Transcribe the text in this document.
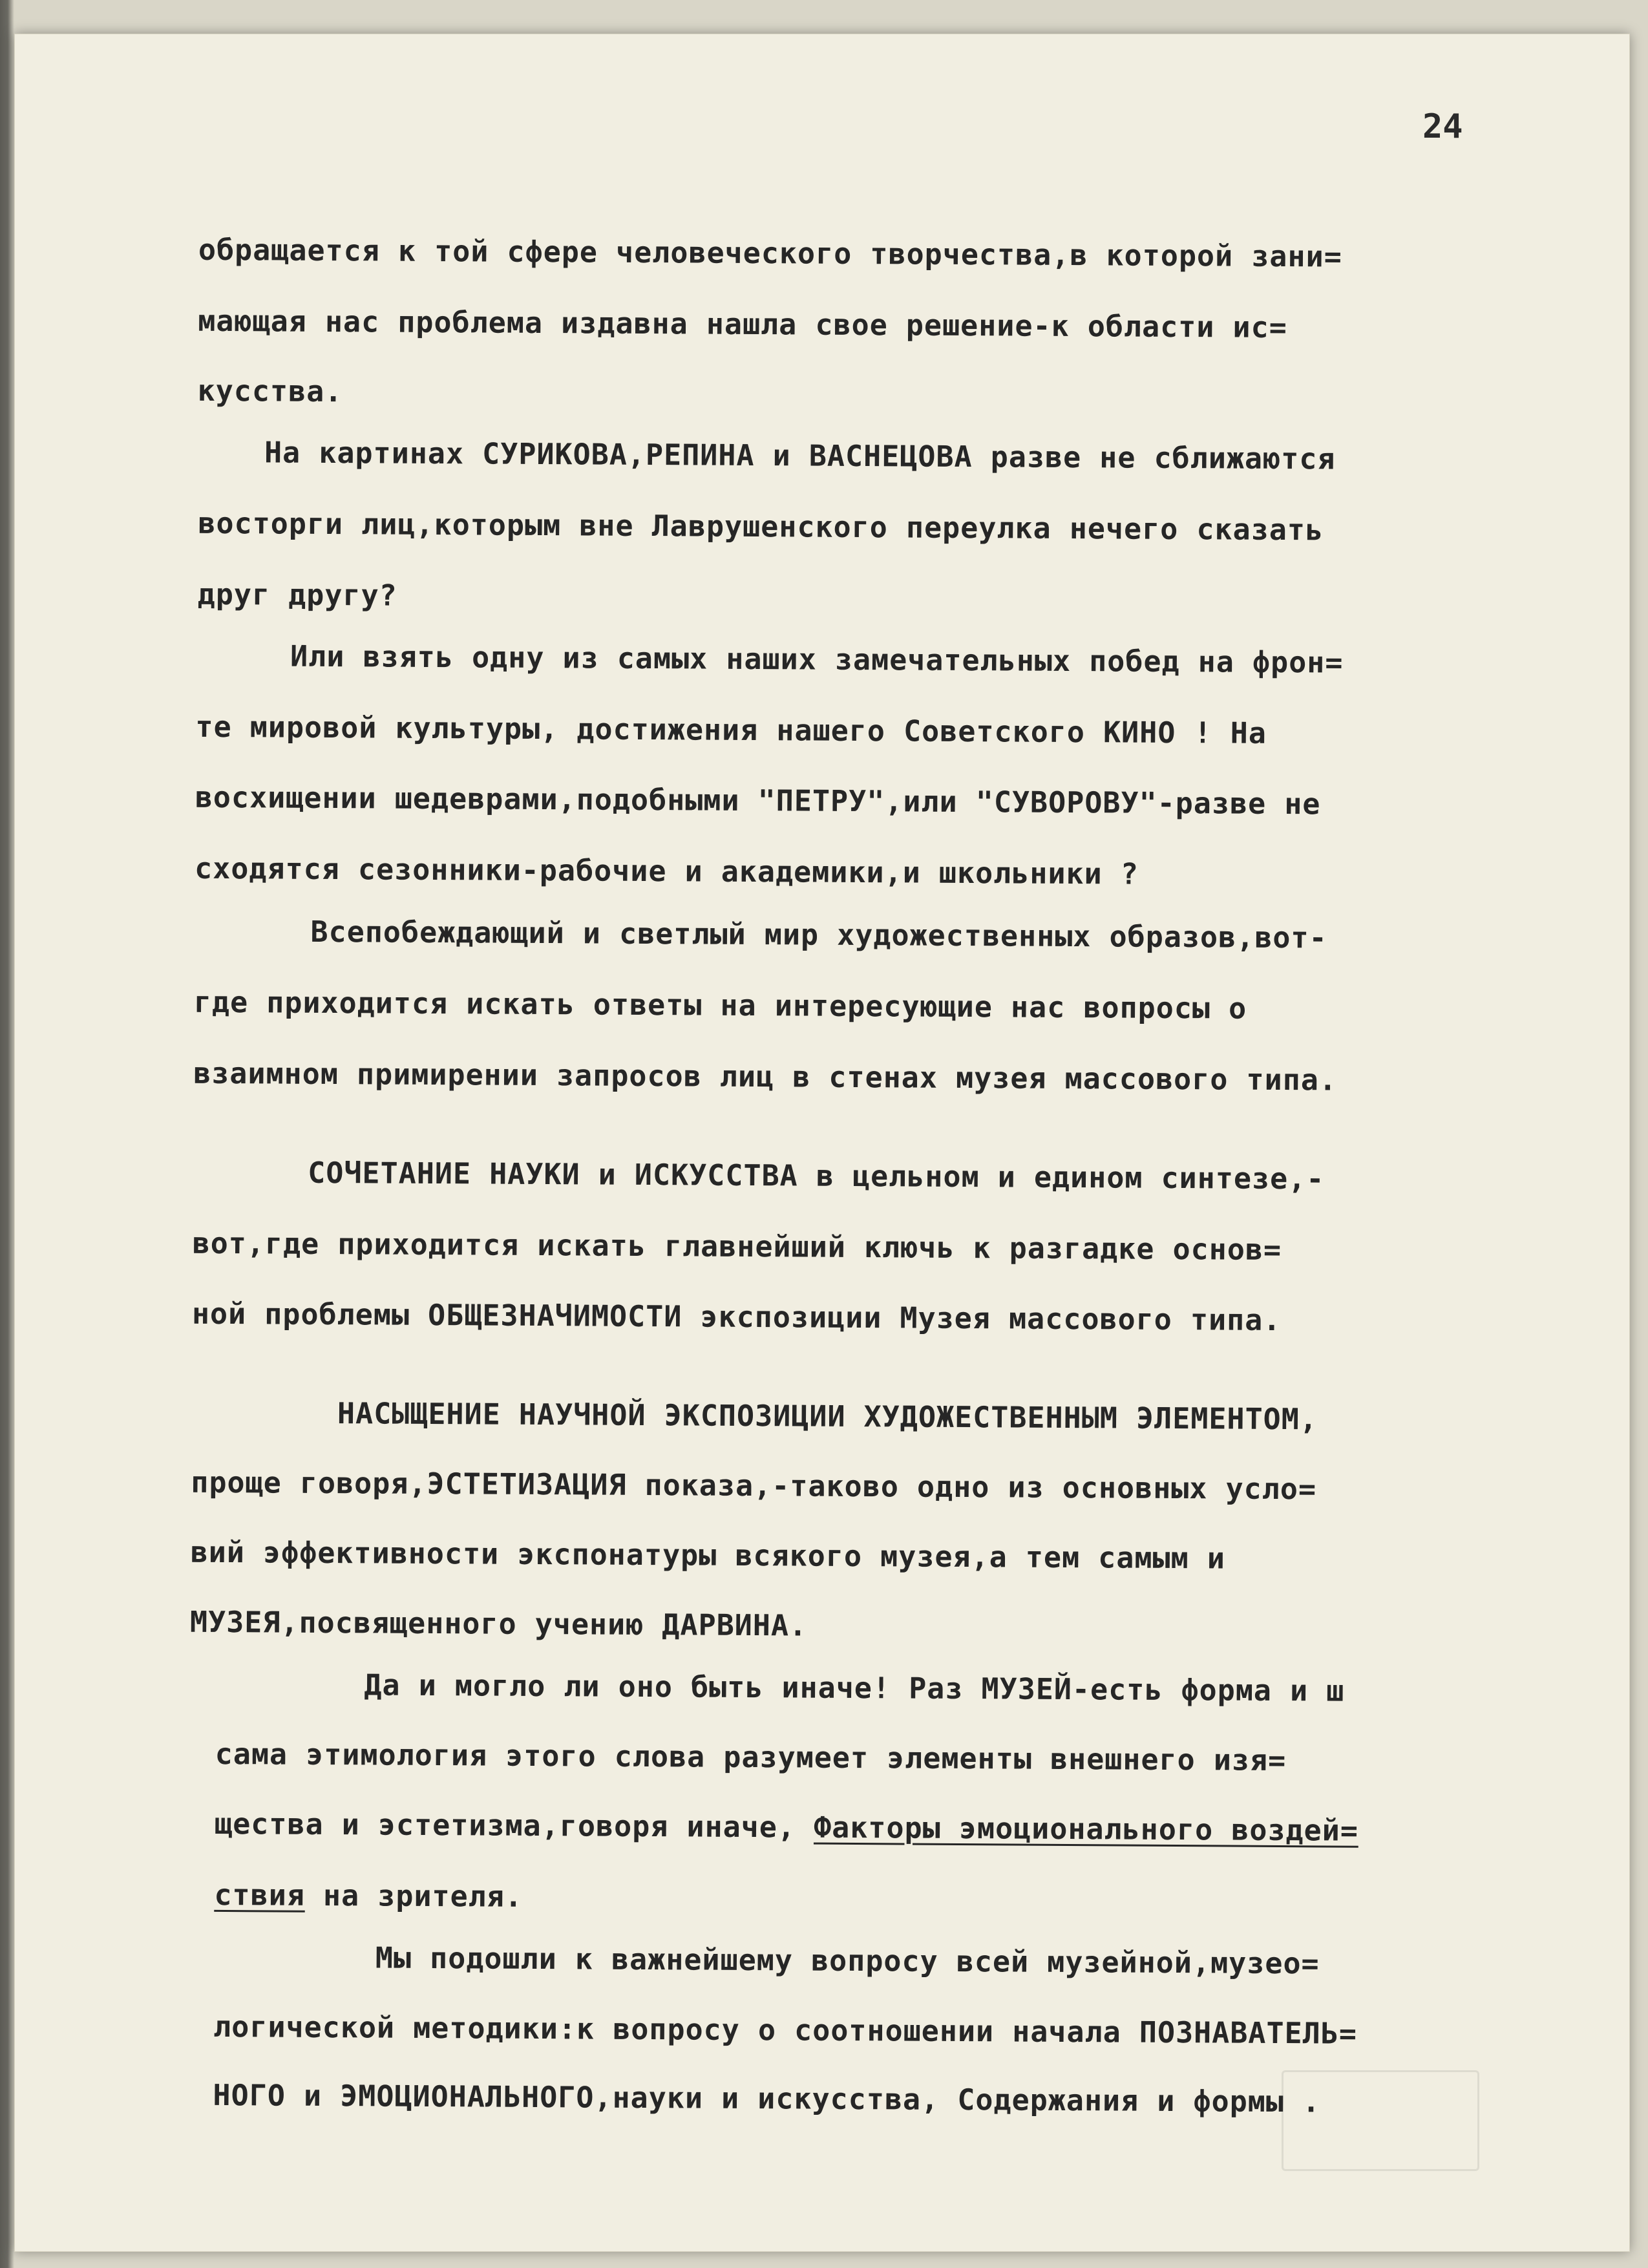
24
обращается к той сфере человеческого творчества,в которой зани=
мающая нас проблема издавна нашла свое решение-к области ис=
кусства.
На картинах СУРИКОВА,РЕПИНА и ВАСНЕЦОВА разве не сближаются
восторги лиц,которым вне Лаврушенского переулка нечего сказать
друг другу?
Или взять одну из самых наших замечательных побед на фрон=
те мировой культуры, достижения нашего Советского КИНО ! На
восхищении шедеврами,подобными "ПЕТРУ",или "СУВОРОВУ"-разве не
сходятся сезонники-рабочие и академики,и школьники ?
Всепобеждающий и светлый мир художественных образов,вот-
где приходится искать ответы на интересующие нас вопросы о
взаимном примирении запросов лиц в стенах музея массового типа.
СОЧЕТАНИЕ НАУКИ и ИСКУССТВА в цельном и едином синтезе,-
вот,где приходится искать главнейший ключь к разгадке основ=
ной проблемы ОБЩЕЗНАЧИМОСТИ экспозиции Музея массового типа.
НАСЫЩЕНИЕ НАУЧНОЙ ЭКСПОЗИЦИИ ХУДОЖЕСТВЕННЫМ ЭЛЕМЕНТОМ,
проще говоря,ЭСТЕТИЗАЦИЯ показа,-таково одно из основных усло=
вий эффективности экспонатуры всякого музея,а тем самым и
МУЗЕЯ,посвященного учению ДАРВИНА.
Да и могло ли оно быть иначе! Раз МУЗЕЙ-есть форма и ш
сама этимология этого слова разумеет элементы внешнего изя=
щества и эстетизма,говоря иначе, Факторы эмоционального воздей=
ствия на зрителя.
Мы подошли к важнейшему вопросу всей музейной,музео=
логической методики:к вопросу о соотношении начала ПОЗНАВАТЕЛЬ=
НОГО и ЭМОЦИОНАЛЬНОГО,науки и искусства, Содержания и формы .
